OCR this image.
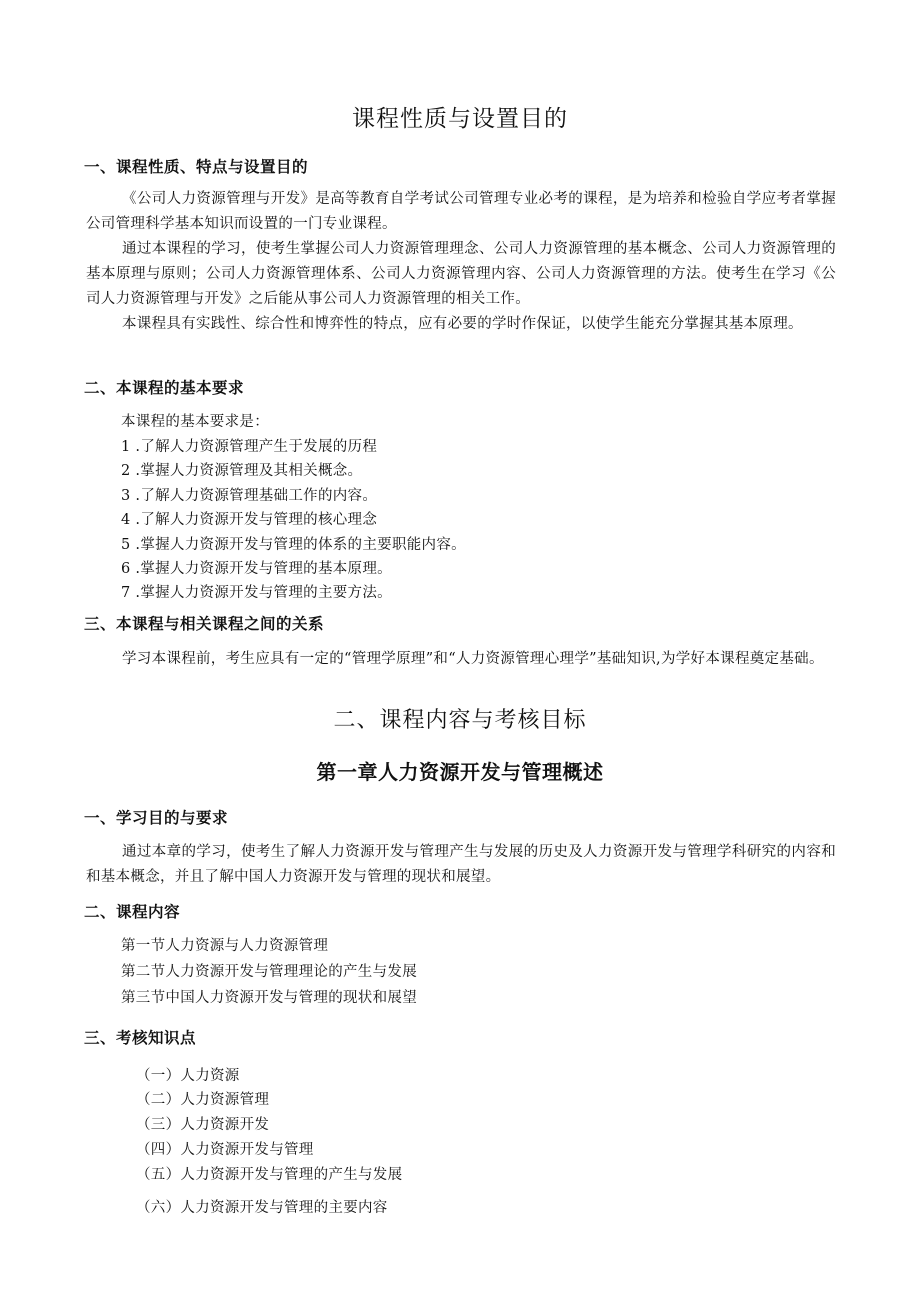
课程性质与设置目的
一、课程性质、特点与设置目的
《公司人力资源管理与开发》是高等教育自学考试公司管理专业必考的课程，是为培养和检验自学应考者掌握公司管理科学基本知识而设置的一门专业课程。
通过本课程的学习，使考生掌握公司人力资源管理理念、公司人力资源管理的基本概念、公司人力资源管理的基本原理与原则；公司人力资源管理体系、公司人力资源管理内容、公司人力资源管理的方法。使考生在学习《公司人力资源管理与开发》之后能从事公司人力资源管理的相关工作。
本课程具有实践性、综合性和博弈性的特点，应有必要的学时作保证，以使学生能充分掌握其基本原理。
二、本课程的基本要求
本课程的基本要求是：
1 .了解人力资源管理产生于发展的历程
2 .掌握人力资源管理及其相关概念。
3 .了解人力资源管理基础工作的内容。
4 .了解人力资源开发与管理的核心理念
5 .掌握人力资源开发与管理的体系的主要职能内容。
6 .掌握人力资源开发与管理的基本原理。
7 .掌握人力资源开发与管理的主要方法。
三、本课程与相关课程之间的关系
学习本课程前，考生应具有一定的“管理学原理”和“人力资源管理心理学”基础知识,为学好本课程奠定基础。
二、课程内容与考核目标
第一章人力资源开发与管理概述
一、学习目的与要求
通过本章的学习，使考生了解人力资源开发与管理产生与发展的历史及人力资源开发与管理学科研究的内容和和基本概念，并且了解中国人力资源开发与管理的现状和展望。
二、课程内容
第一节人力资源与人力资源管理
第二节人力资源开发与管理理论的产生与发展
第三节中国人力资源开发与管理的现状和展望
三、考核知识点
（一）人力资源
（二）人力资源管理
（三）人力资源开发
（四）人力资源开发与管理
（五）人力资源开发与管理的产生与发展
（六）人力资源开发与管理的主要内容
